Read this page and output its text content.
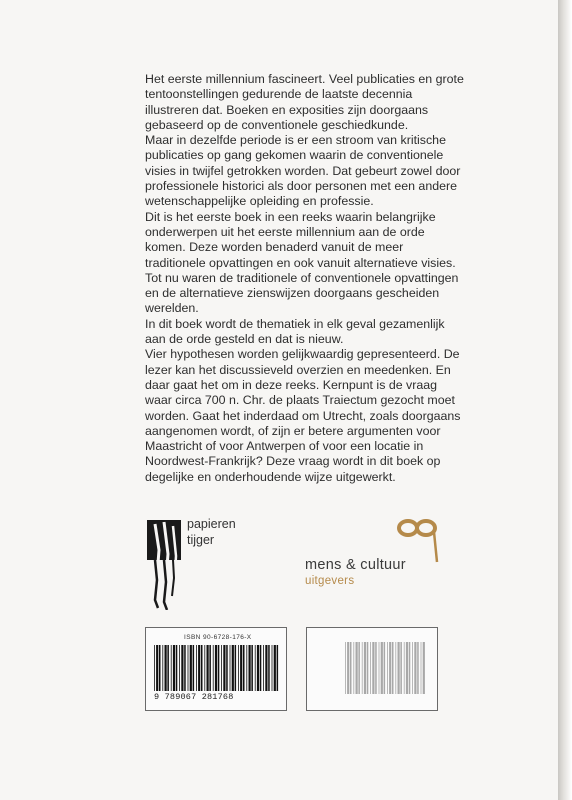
Het eerste millennium fascineert. Veel publicaties en grote tentoonstellingen gedurende de laatste decennia illustreren dat. Boeken en exposities zijn doorgaans gebaseerd op de conventionele geschiedkunde.

Maar in dezelfde periode is er een stroom van kritische publicaties op gang gekomen waarin de conventionele visies in twijfel getrokken worden. Dat gebeurt zowel door professionele historici als door personen met een andere wetenschappelijke opleiding en professie.

Dit is het eerste boek in een reeks waarin belangrijke onderwerpen uit het eerste millennium aan de orde komen. Deze worden benaderd vanuit de meer traditionele opvattingen en ook vanuit alternatieve visies. Tot nu waren de traditionele of conventionele opvattingen en de alternatieve zienswijzen doorgaans gescheiden werelden.

In dit boek wordt de thematiek in elk geval gezamenlijk aan de orde gesteld en dat is nieuw.

Vier hypothesen worden gelijkwaardig gepresenteerd. De lezer kan het discussieveld overzien en meedenken. En daar gaat het om in deze reeks. Kernpunt is de vraag waar circa 700 n. Chr. de plaats Traiectum gezocht moet worden. Gaat het inderdaad om Utrecht, zoals doorgaans aangenomen wordt, of zijn er betere argumenten voor Maastricht of voor Antwerpen of voor een locatie in Noordwest-Frankrijk? Deze vraag wordt in dit boek op degelijke en onderhoudende wijze uitgewerkt.

papieren
tijger
mens & cultuur
uitgevers
ISBN 90-6728-176-X
9 789067 281768
